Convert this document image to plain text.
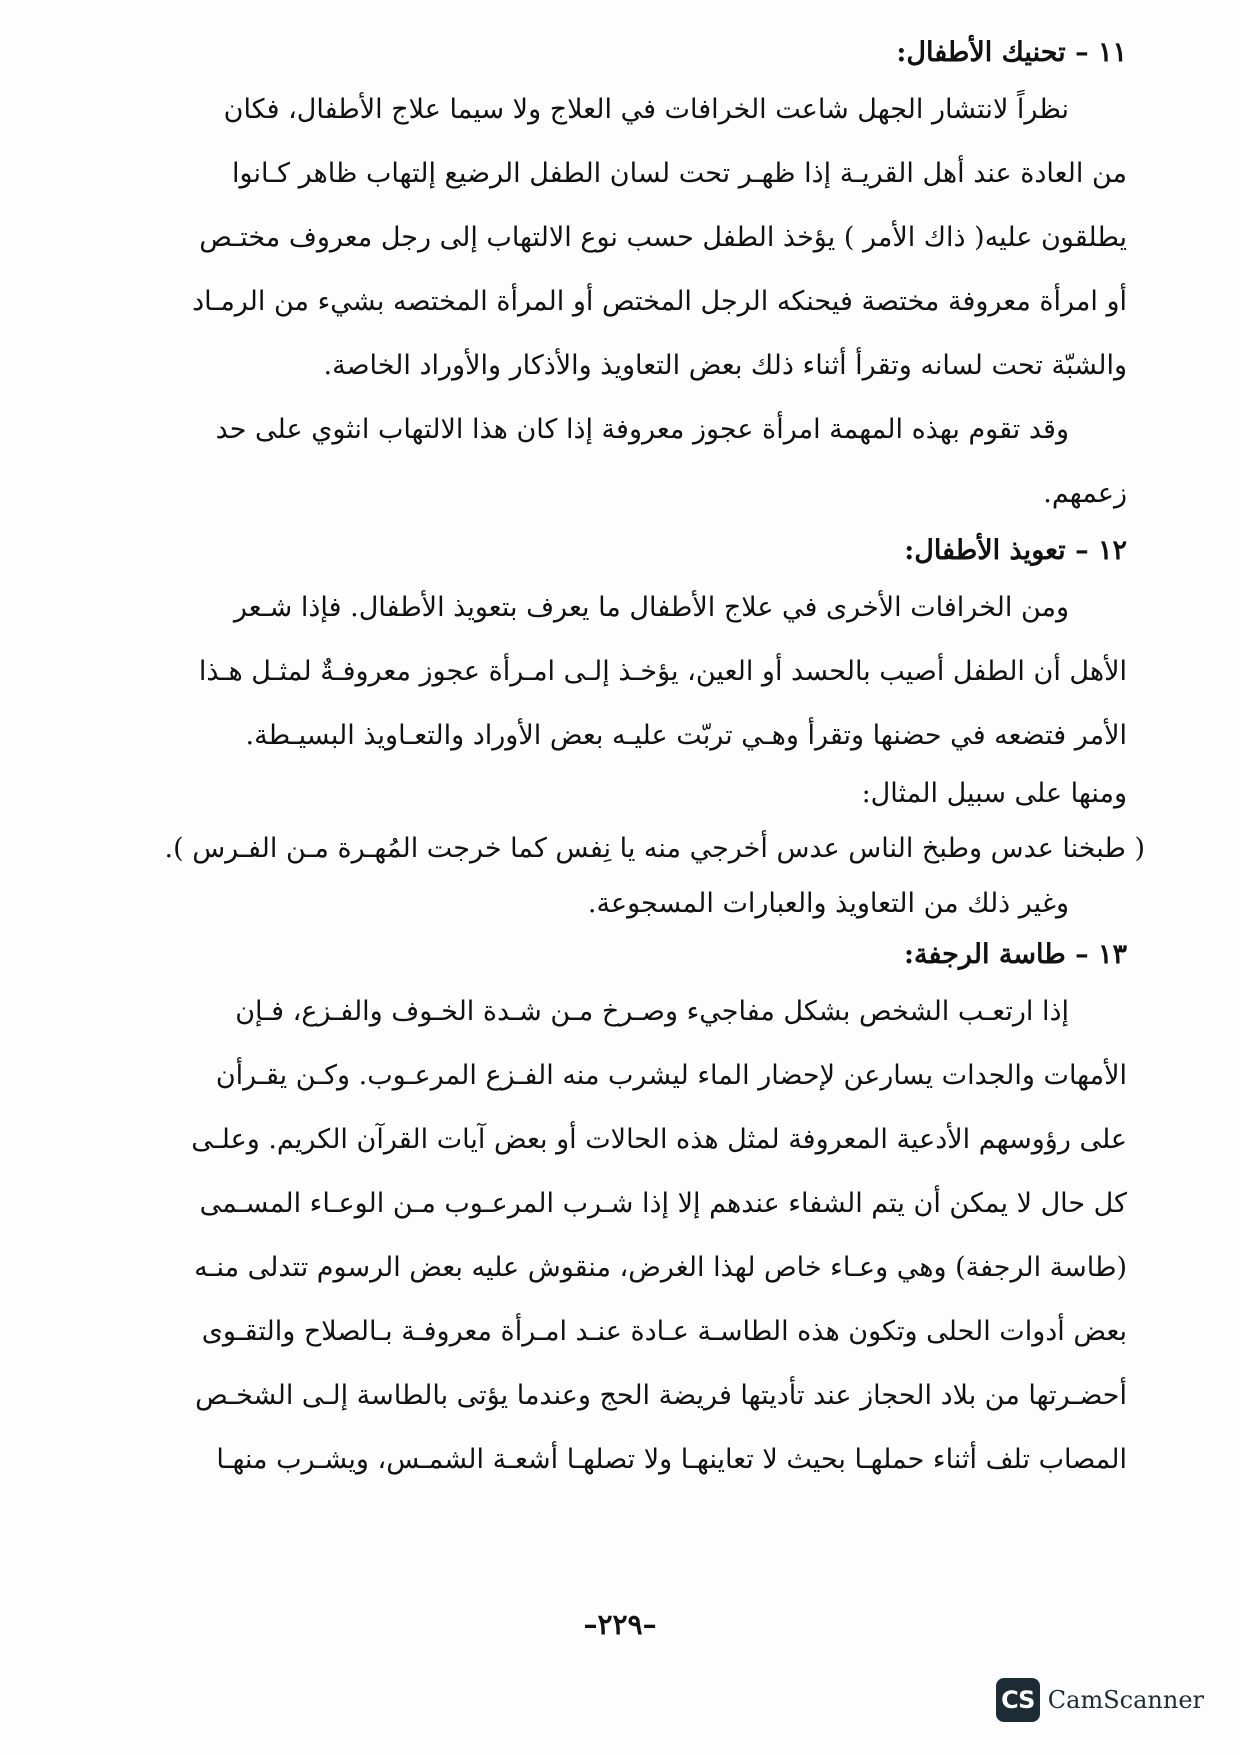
١١ – تحنيك الأطفال:
نظراً لانتشار الجهل شاعت الخرافات في العلاج ولا سيما علاج الأطفال، فكان
من العادة عند أهل القريـة إذا ظهـر تحت لسان الطفل الرضيع إلتهاب ظاهر كـانوا
يطلقون عليه( ذاك الأمر ) يؤخذ الطفل حسب نوع الالتهاب إلى رجل معروف مختـص
أو امرأة معروفة مختصة فيحنكه الرجل المختص أو المرأة المختصه بشيء من الرمـاد
والشبّة تحت لسانه وتقرأ أثناء ذلك بعض التعاويذ والأذكار والأوراد الخاصة.
وقد تقوم بهذه المهمة امرأة عجوز معروفة إذا كان هذا الالتهاب انثوي على حد
زعمهم.
١٢ – تعويذ الأطفال:
ومن الخرافات الأخرى في علاج الأطفال ما يعرف بتعويذ الأطفال. فإذا شـعر
الأهل أن الطفل أصيب بالحسد أو العين، يؤخـذ إلـى امـرأة عجوز معروفـةٌ لمثـل هـذا
الأمر فتضعه في حضنها وتقرأ وهـي تربّت عليـه بعض الأوراد والتعـاويذ البسيـطة.
ومنها على سبيل المثال:
( طبخنا عدس وطبخ الناس عدس أخرجي منه يا نِفس كما خرجت المُهـرة مـن الفـرس ).
وغير ذلك من التعاويذ والعبارات المسجوعة.
١٣ – طاسة الرجفة:
إذا ارتعـب الشخص بشكل مفاجيء وصـرخ مـن شـدة الخـوف والفـزع، فـإن
الأمهات والجدات يسارعن لإحضار الماء ليشرب منه الفـزع المرعـوب. وكـن يقـرأن
على رؤوسهم الأدعية المعروفة لمثل هذه الحالات أو بعض آيات القرآن الكريم. وعلـى
كل حال لا يمكن أن يتم الشفاء عندهم إلا إذا شـرب المرعـوب مـن الوعـاء المسـمى
(طاسة الرجفة) وهي وعـاء خاص لهذا الغرض، منقوش عليه بعض الرسوم تتدلى منـه
بعض أدوات الحلى وتكون هذه الطاسـة عـادة عنـد امـرأة معروفـة بـالصلاح والتقـوى
أحضـرتها من بلاد الحجاز عند تأديتها فريضة الحج وعندما يؤتى بالطاسة إلـى الشخـص
المصاب تلف أثناء حملهـا بحيث لا تعاينهـا ولا تصلهـا أشعـة الشمـس، ويشـرب منهـا
–٢٢٩–
CS CamScanner
